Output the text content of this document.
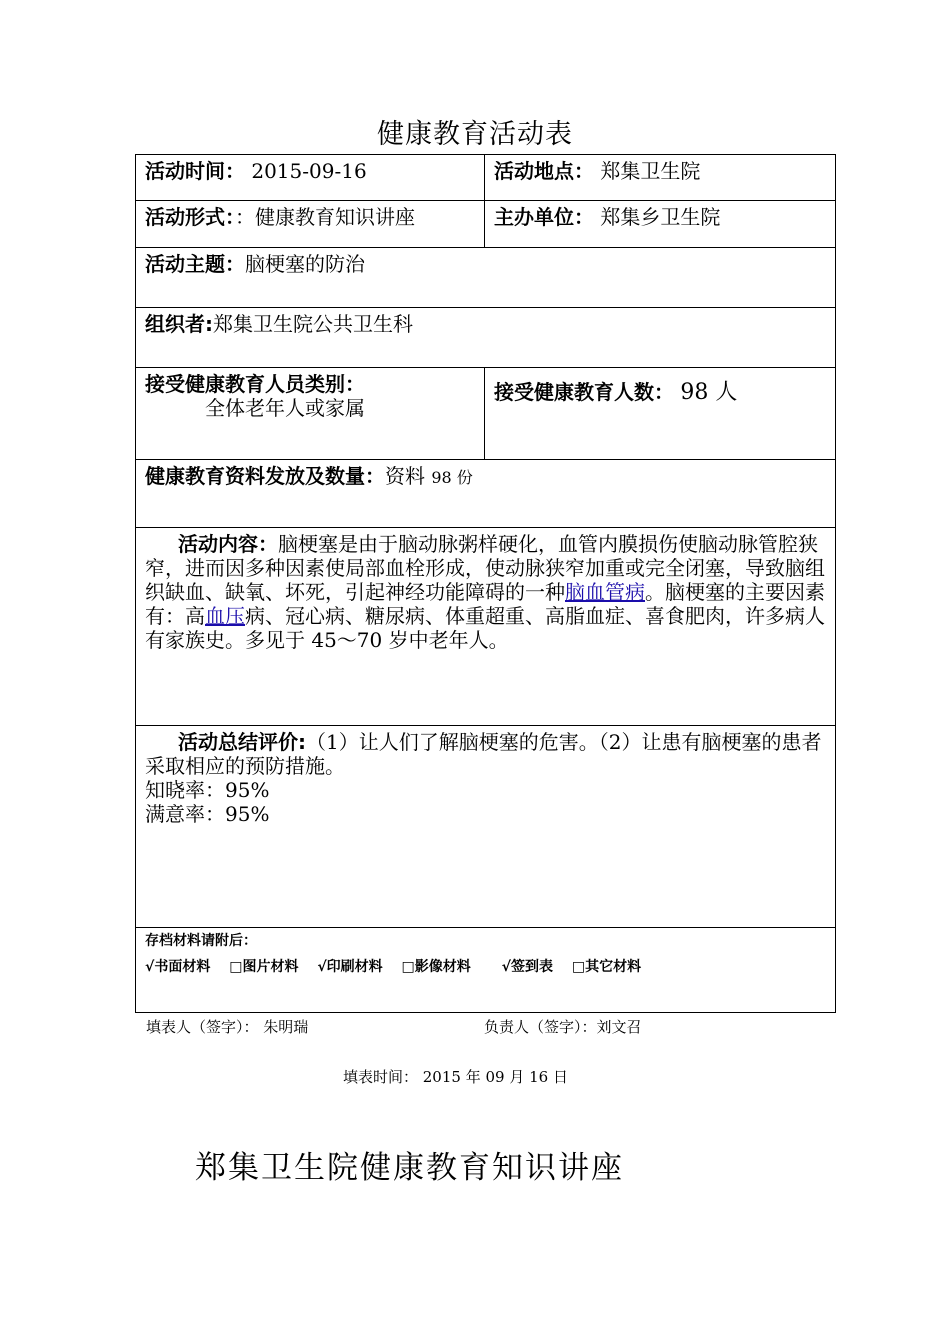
健康教育活动表
活动时间： 2015-09-16	活动地点： 郑集卫生院
活动形式：：健康教育知识讲座	主办单位： 郑集乡卫生院
活动主题：脑梗塞的防治	
组织者:郑集卫生院公共卫生科	

接受健康教育人员类别：
全体老年人或家属	接受健康教育人数： 98 人
健康教育资料发放及数量：资料 98 份	

活动内容：脑梗塞是由于脑动脉粥样硬化，血管内膜损伤使脑动脉管腔狭窄，进而因多种因素使局部血栓形成，使动脉狭窄加重或完全闭塞，导致脑组织缺血、缺氧、坏死，引起神经功能障碍的一种脑血管病。脑梗塞的主要因素有：高血压病、冠心病、糖尿病、体重超重、高脂血症、喜食肥肉，许多病人有家族史。多见于 45～70 岁中老年人。	

活动总结评价:（1）让人们了解脑梗塞的危害。（2）让患有脑梗塞的患者采取相应的预防措施。
知晓率：95%
满意率：95%	

存档材料请附后：
√书面材料 □图片材料 √印刷材料 □影像材料 √签到表 □其它材料	
填表人（签字）： 朱明瑞	负责人（签字）：刘文召
填表时间： 2015 年 09 月 16 日
郑集卫生院健康教育知识讲座
